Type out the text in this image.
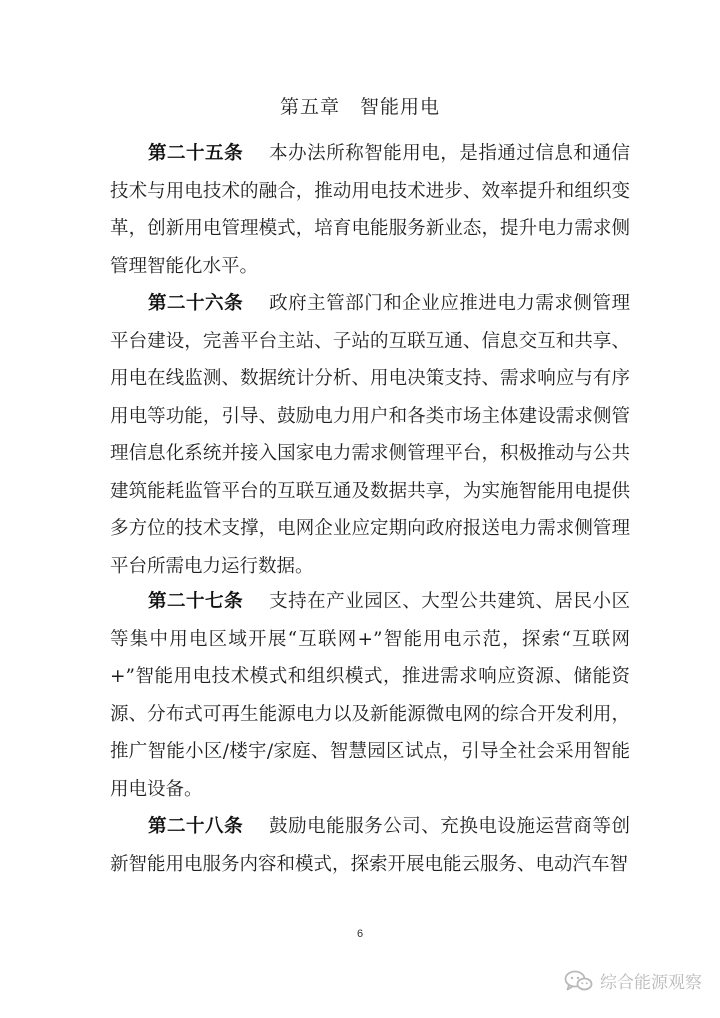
第五章　智能用电
第二十五条 本办法所称智能用电，是指通过信息和通信技术与用电技术的融合，推动用电技术进步、效率提升和组织变革，创新用电管理模式，培育电能服务新业态，提升电力需求侧管理智能化水平。
第二十六条 政府主管部门和企业应推进电力需求侧管理平台建设，完善平台主站、子站的互联互通、信息交互和共享、用电在线监测、数据统计分析、用电决策支持、需求响应与有序用电等功能，引导、鼓励电力用户和各类市场主体建设需求侧管理信息化系统并接入国家电力需求侧管理平台，积极推动与公共建筑能耗监管平台的互联互通及数据共享，为实施智能用电提供多方位的技术支撑，电网企业应定期向政府报送电力需求侧管理平台所需电力运行数据。
第二十七条 支持在产业园区、大型公共建筑、居民小区等集中用电区域开展“互联网+”智能用电示范，探索“互联网+”智能用电技术模式和组织模式，推进需求响应资源、储能资源、分布式可再生能源电力以及新能源微电网的综合开发利用，推广智能小区/楼宇/家庭、智慧园区试点，引导全社会采用智能用电设备。
第二十八条 鼓励电能服务公司、充换电设施运营商等创新智能用电服务内容和模式，探索开展电能云服务、电动汽车智
6
综合能源观察
